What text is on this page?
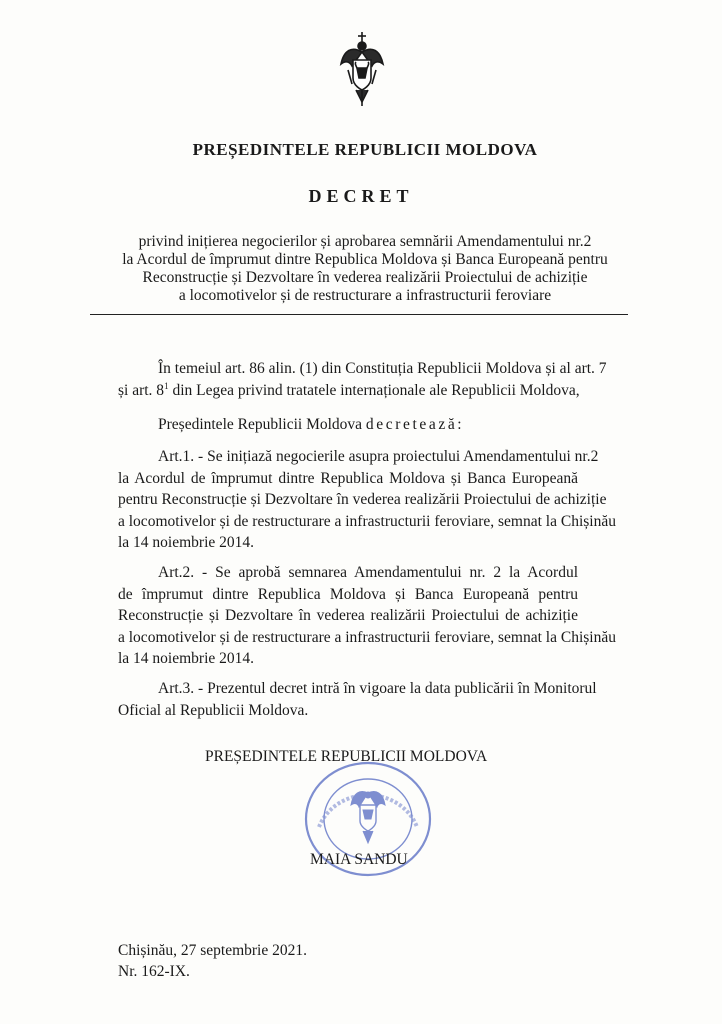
PREȘEDINTELE REPUBLICII MOLDOVA
DECRET
privind inițierea negocierilor și aprobarea semnării Amendamentului nr.2
la Acordul de împrumut dintre Republica Moldova și Banca Europeană pentru
Reconstrucție și Dezvoltare în vederea realizării Proiectului de achiziție
a locomotivelor și de restructurare a infrastructurii feroviare
În temeiul art. 86 alin. (1) din Constituția Republicii Moldova și al art. 7
și art. $8^1$ din Legea privind tratatele internaționale ale Republicii Moldova,
Președintele Republicii Moldova decretează:
Art.1. - Se inițiază negocierile asupra proiectului Amendamentului nr.2
la Acordul de împrumut dintre Republica Moldova și Banca Europeană
pentru Reconstrucție și Dezvoltare în vederea realizării Proiectului de achiziție
a locomotivelor și de restructurare a infrastructurii feroviare, semnat la Chișinău
la 14 noiembrie 2014.
Art.2. - Se aprobă semnarea Amendamentului nr. 2 la Acordul
de împrumut dintre Republica Moldova și Banca Europeană pentru
Reconstrucție și Dezvoltare în vederea realizării Proiectului de achiziție
a locomotivelor și de restructurare a infrastructurii feroviare, semnat la Chișinău
la 14 noiembrie 2014.
Art.3. - Prezentul decret intră în vigoare la data publicării în Monitorul
Oficial al Republicii Moldova.
PREȘEDINTELE REPUBLICII MOLDOVA
MAIA SANDU
Chișinău, 27 septembrie 2021.
Nr. 162-IX.
